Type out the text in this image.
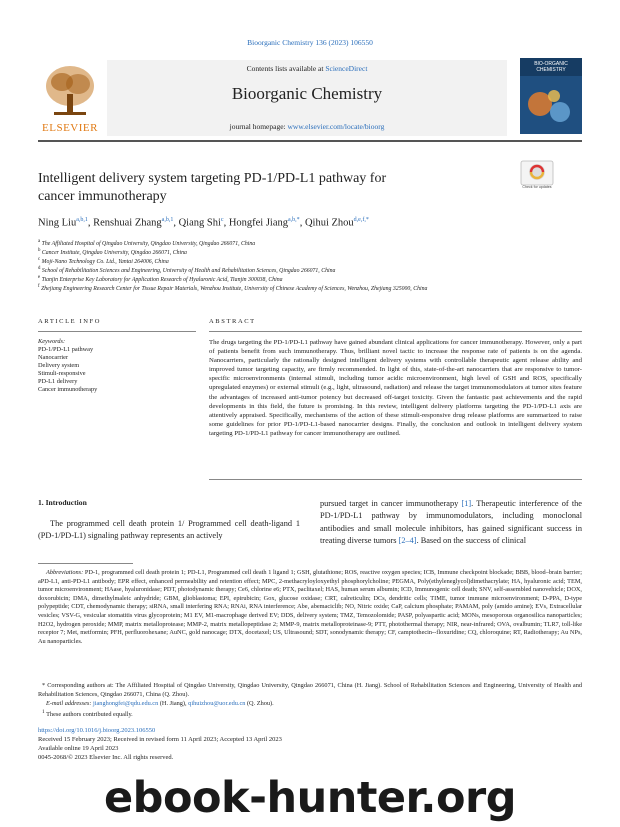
Bioorganic Chemistry 136 (2023) 106550
Contents lists available at ScienceDirect
Bioorganic Chemistry
journal homepage: www.elsevier.com/locate/bioorg
ELSEVIER
BIO-ORGANIC CHEMISTRY
Check for updates
Intelligent delivery system targeting PD-1/PD-L1 pathway for
cancer immunotherapy
Ning Liu$^{a,b,1}$, Renshuai Zhang$^{a,b,1}$, Qiang Shi$^c$, Hongfei Jiang$^{a,b,*}$, Qihui Zhou$^{d,e,f,*}$
$^a$ The Affiliated Hospital of Qingdao University, Qingdao University, Qingdao 266071, China
$^b$ Cancer Institute, Qingdao University, Qingdao 266071, China
$^c$ Moji-Nano Technology Co. Ltd., Yantai 264006, China
$^d$ School of Rehabilitation Sciences and Engineering, University of Health and Rehabilitation Sciences, Qingdao 266071, China
$^e$ Tianjin Enterprise Key Laboratory for Application Research of Hyaluronic Acid, Tianjin 300038, China
$^f$ Zhejiang Engineering Research Center for Tissue Repair Materials, Wenzhou Institute, University of Chinese Academy of Sciences, Wenzhou, Zhejiang 325000, China
ARTICLE INFO	ABSTRACT
Keywords:
PD-1/PD-L1 pathway
Nanocarrier
Delivery system
Stimuli-responsive
PD-L1 delivery
Cancer immunotherapy
The drugs targeting the PD-1/PD-L1 pathway have gained abundant clinical applications for cancer immunotherapy. However, only a part of patients benefit from such immunotherapy. Thus, brilliant novel tactic to increase the response rate of patients is on the agenda. Nanocarriers, particularly the rationally designed intelligent delivery systems with controllable therapeutic agent release ability and improved tumor targeting capacity, are firmly recommended. In light of this, state-of-the-art nanocarriers that are responsive to tumor-specific microenvironments (internal stimuli, including tumor acidic microenvironment, high level of GSH and ROS, specifically upregulated enzymes) or external stimuli (e.g., light, ultrasound, radiation) and release the target immunomodulators at tumor sites feature the advantages of increased anti-tumor potency but decreased off-target toxicity. Given the fantastic past achievements and the rapid developments in this field, the future is promising. In this review, intelligent delivery platforms targeting the PD-1/PD-L1 axis are attentively appraised. Specifically, mechanisms of the action of these stimuli-responsive drug release platforms are summarized to raise some guidelines for prior PD-1/PD-L1-based nanocarrier designs. Finally, the conclusion and outlook in intelligent delivery system targeting PD-1/PD-L1 pathway for cancer immunotherapy are outlined.
1. Introduction
The programmed cell death protein 1/ Programmed cell death-ligand 1 (PD-1/PD-L1) signaling pathway represents an actively
pursued target in cancer immunotherapy [1]. Therapeutic interference of the PD-1/PD-L1 pathway by immunomodulators, including monoclonal antibodies and small molecule inhibitors, has gained significant success in treating diverse tumors [2–4]. Based on the success of clinical
Abbreviations: PD-1, programmed cell death protein 1; PD-L1, Programmed cell death 1 ligand 1; GSH, glutathione; ROS, reactive oxygen species; ICB, Immune checkpoint blockade; BBB, blood–brain barrier; aPD-L1, anti-PD-L1 antibody; EPR effect, enhanced permeability and retention effect; MPC, 2-methacryloyloxyethyl phosphorylcholine; PEGMA, Poly(ethyleneglycol)dimethacrylate; HA, hyaluronic acid; TEM, tumor microenvironment; HAase, hyaluronidase; PDT, photodynamic therapy; Ce6, chlorine e6; PTX, paclitaxel; HAS, human serum albumin; ICD, Immunogenic cell death; SNV, self-assembled nanovehicle; DOX, doxorubicin; DMA, dimethylmaleic anhydride; GBM, glioblastoma; EPI, epirubicin; Gox, glucose oxidase; CRT, calreticulin; DCs, dendritic cells; TIME, tumor immune microenvironment; D-PPA, D-type polypeptide; CDT, chemodynamic therapy; siRNA, small interfering RNA; RNAi, RNA interference; Abe, abemaciclib; NO, Nitric oxide; CaP, calcium phosphate; PAMAM, poly (amido amine); EVs, Extracellular vesicles; VSV-G, vesicular stomatitis virus glycoprotein; M1 EV, M1-macrophage derived EV; DDS, delivery system; TMZ, Temozolomide; PASP, polyaspartic acid; MONs, mesoporous organosilica nanoparticles; H2O2, hydrogen peroxide; MMP, matrix metalloprotease; MMP-2, matrix metallopeptidase 2; MMP-9, matrix metalloproteinase-9; PTT, photothermal therapy; NIR, near-infrared; OVA, ovalbumin; TLR7, toll-like receptor 7; Met, metformin; PFH, perfluorohexane; AuNC, gold nanocage; DTX, docetaxel; US, Ultrasound; SDT, sonodynamic therapy; CF, camptothecin--floxuridine; CQ, chloroquine; RT, Radiotherapy; Au NPs, Au nanoparticles.
* Corresponding authors at: The Affiliated Hospital of Qingdao University, Qingdao University, Qingdao 266071, China (H. Jiang). School of Rehabilitation Sciences and Engineering, University of Health and Rehabilitation Sciences, Qingdao 266071, China (Q. Zhou).
E-mail addresses: jianghongfei@qdu.edu.cn (H. Jiang), qihuizhou@uor.edu.cn (Q. Zhou).
$^1$ These authors contributed equally.
https://doi.org/10.1016/j.bioorg.2023.106550
Received 15 February 2023; Received in revised form 11 April 2023; Accepted 13 April 2023
Available online 19 April 2023
0045-2068/© 2023 Elsevier Inc. All rights reserved.
ebook-hunter.org
